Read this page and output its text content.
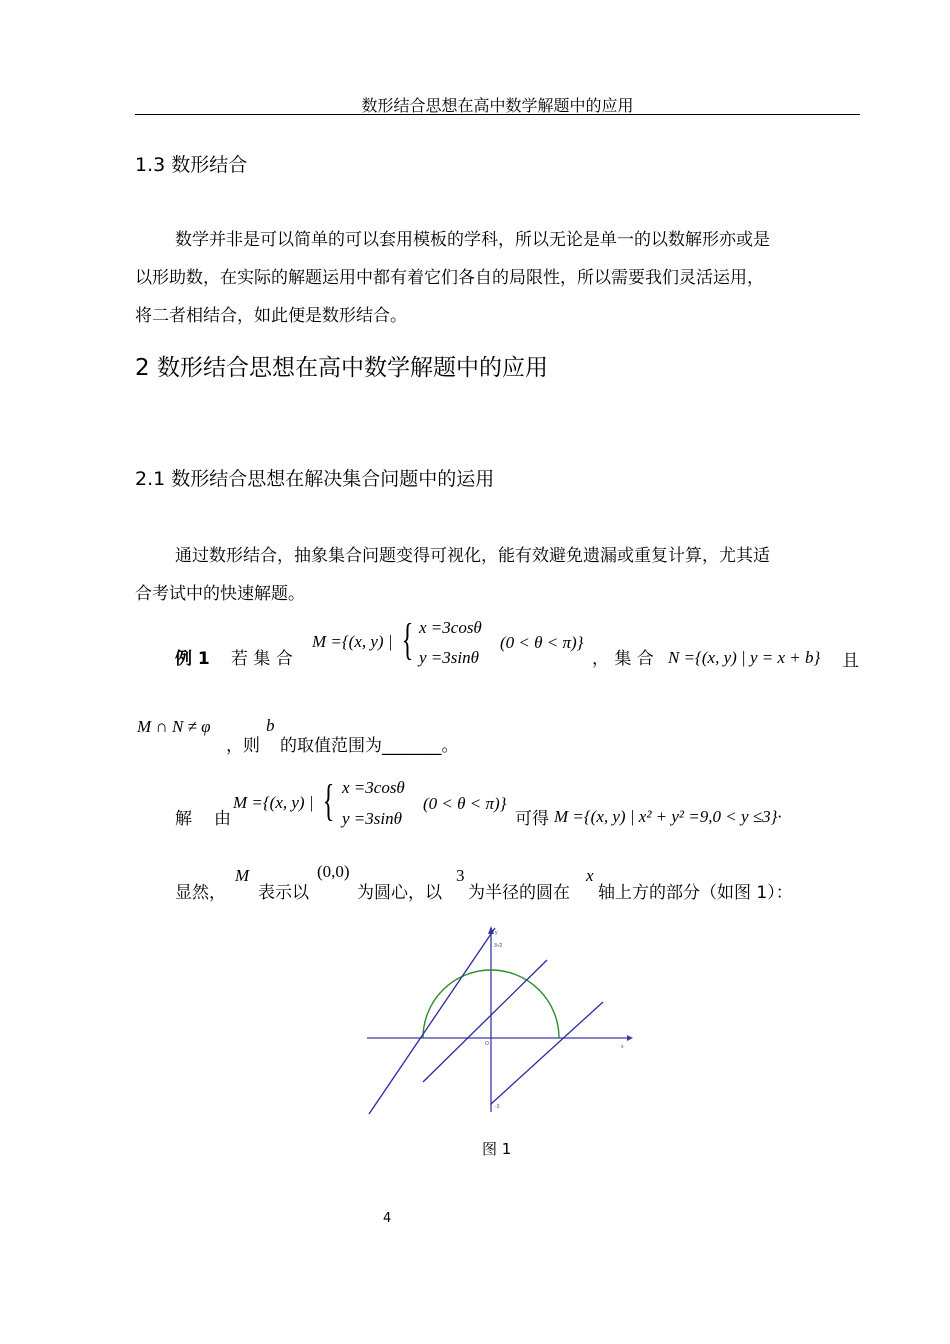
数形结合思想在高中数学解题中的应用
1.3 数形结合
数学并非是可以简单的可以套用模板的学科，所以无论是单一的以数解形亦或是
以形助数，在实际的解题运用中都有着它们各自的局限性，所以需要我们灵活运用，
将二者相结合，如此便是数形结合。
2 数形结合思想在高中数学解题中的应用
2.1 数形结合思想在解决集合问题中的运用
通过数形结合，抽象集合问题变得可视化，能有效避免遗漏或重复计算，尤其适
合考试中的快速解题。
例 1 若 集 合
M ={(x, y) | { x =3cosθ
y =3sinθ
(0 < θ < π)}
， 集 合 N ={(x, y) | y = x + b} 且
M ∩ N ≠ φ
，则
b
的取值范围为_______。
解 由
M ={(x, y) | { x =3cosθ
y =3sinθ
(0 < θ < π)}
可得 M ={(x, y) | x² + y² =9,0 < y ≤3}·
显然，
M
表示以
(0,0)
为圆心，以
3
为半径的圆在
x
轴上方的部分（如图 1）：
y
3√2
O	x
-3
图 1
4
